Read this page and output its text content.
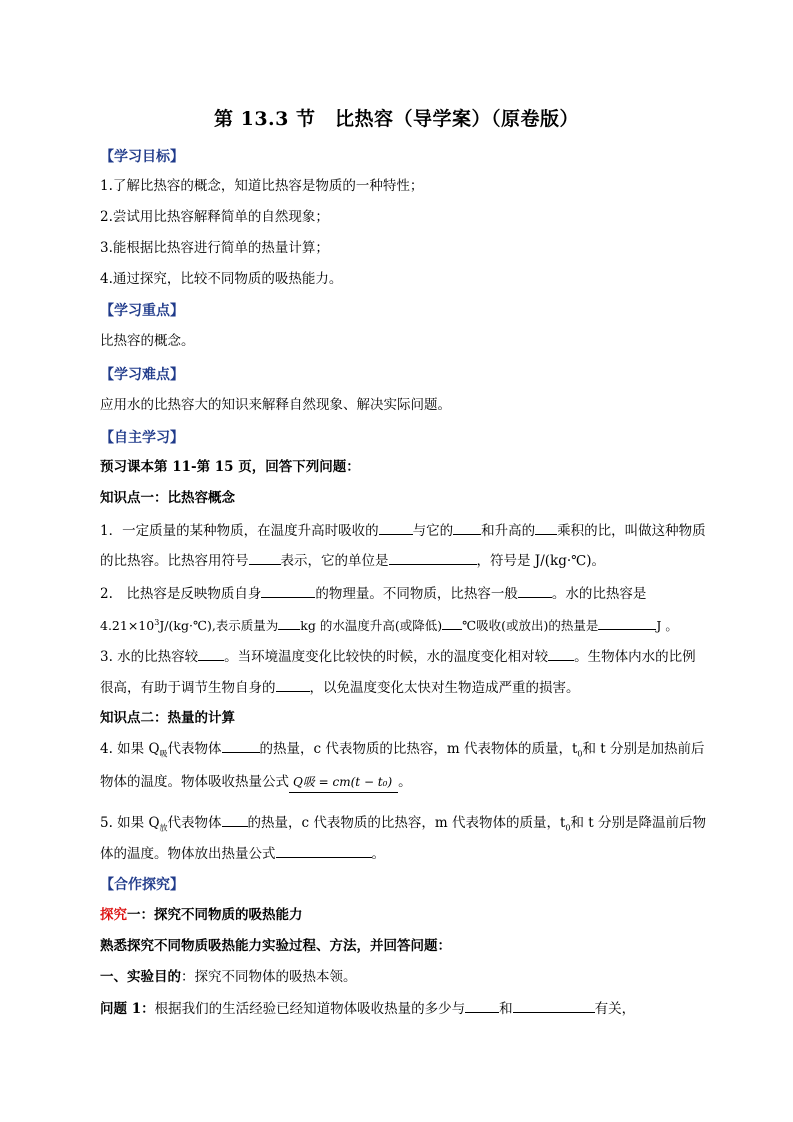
第 13.3 节　比热容（导学案）（原卷版）
【学习目标】
1.了解比热容的概念，知道比热容是物质的一种特性；
2.尝试用比热容解释简单的自然现象；
3.能根据比热容进行简单的热量计算；
4.通过探究，比较不同物质的吸热能力。
【学习重点】
比热容的概念。
【学习难点】
应用水的比热容大的知识来解释自然现象、解决实际问题。
【自主学习】
预习课本第 11-第 15 页，回答下列问题：
知识点一：比热容概念
1．一定质量的某种物质，在温度升高时吸收的	与它的 和升高的 乘积的比，叫做这种物质
的比热容。比热容用符号 表示，它的单位是	，符号是 J/(kg·℃)。
2.　比热容是反映物质自身	的物理量。不同物质，比热容一般	。水的比热容是
$4.21\times 10^3J/(kg\cdot℃)$,表示质量为 kg 的水温度升高(或降低) ℃吸收(或放出)的热量是	J 。
3. 水的比热容较 。当环境温度变化比较快的时候，水的温度变化相对较 。生物体内水的比例
很高，有助于调节生物自身的	，以免温度变化太快对生物造成严重的损害。
知识点二：热量的计算
4. 如果 $Q_吸$代表物体	的热量，c 代表物质的比热容，m 代表物体的质量，$t_0$和 t 分别是加热前后
物体的温度。物体吸收热量公式 Q吸 = cm(t − t₀) 。
5. 如果 $Q_放$代表物体 的热量，c 代表物质的比热容，m 代表物体的质量，$t_0$和 t 分别是降温前后物
体的温度。物体放出热量公式	。
【合作探究】
探究一：探究不同物质的吸热能力
熟悉探究不同物质吸热能力实验过程、方法，并回答问题：
一、实验目的：探究不同物体的吸热本领。
问题 1：根据我们的生活经验已经知道物体吸收热量的多少与	和	有关，
